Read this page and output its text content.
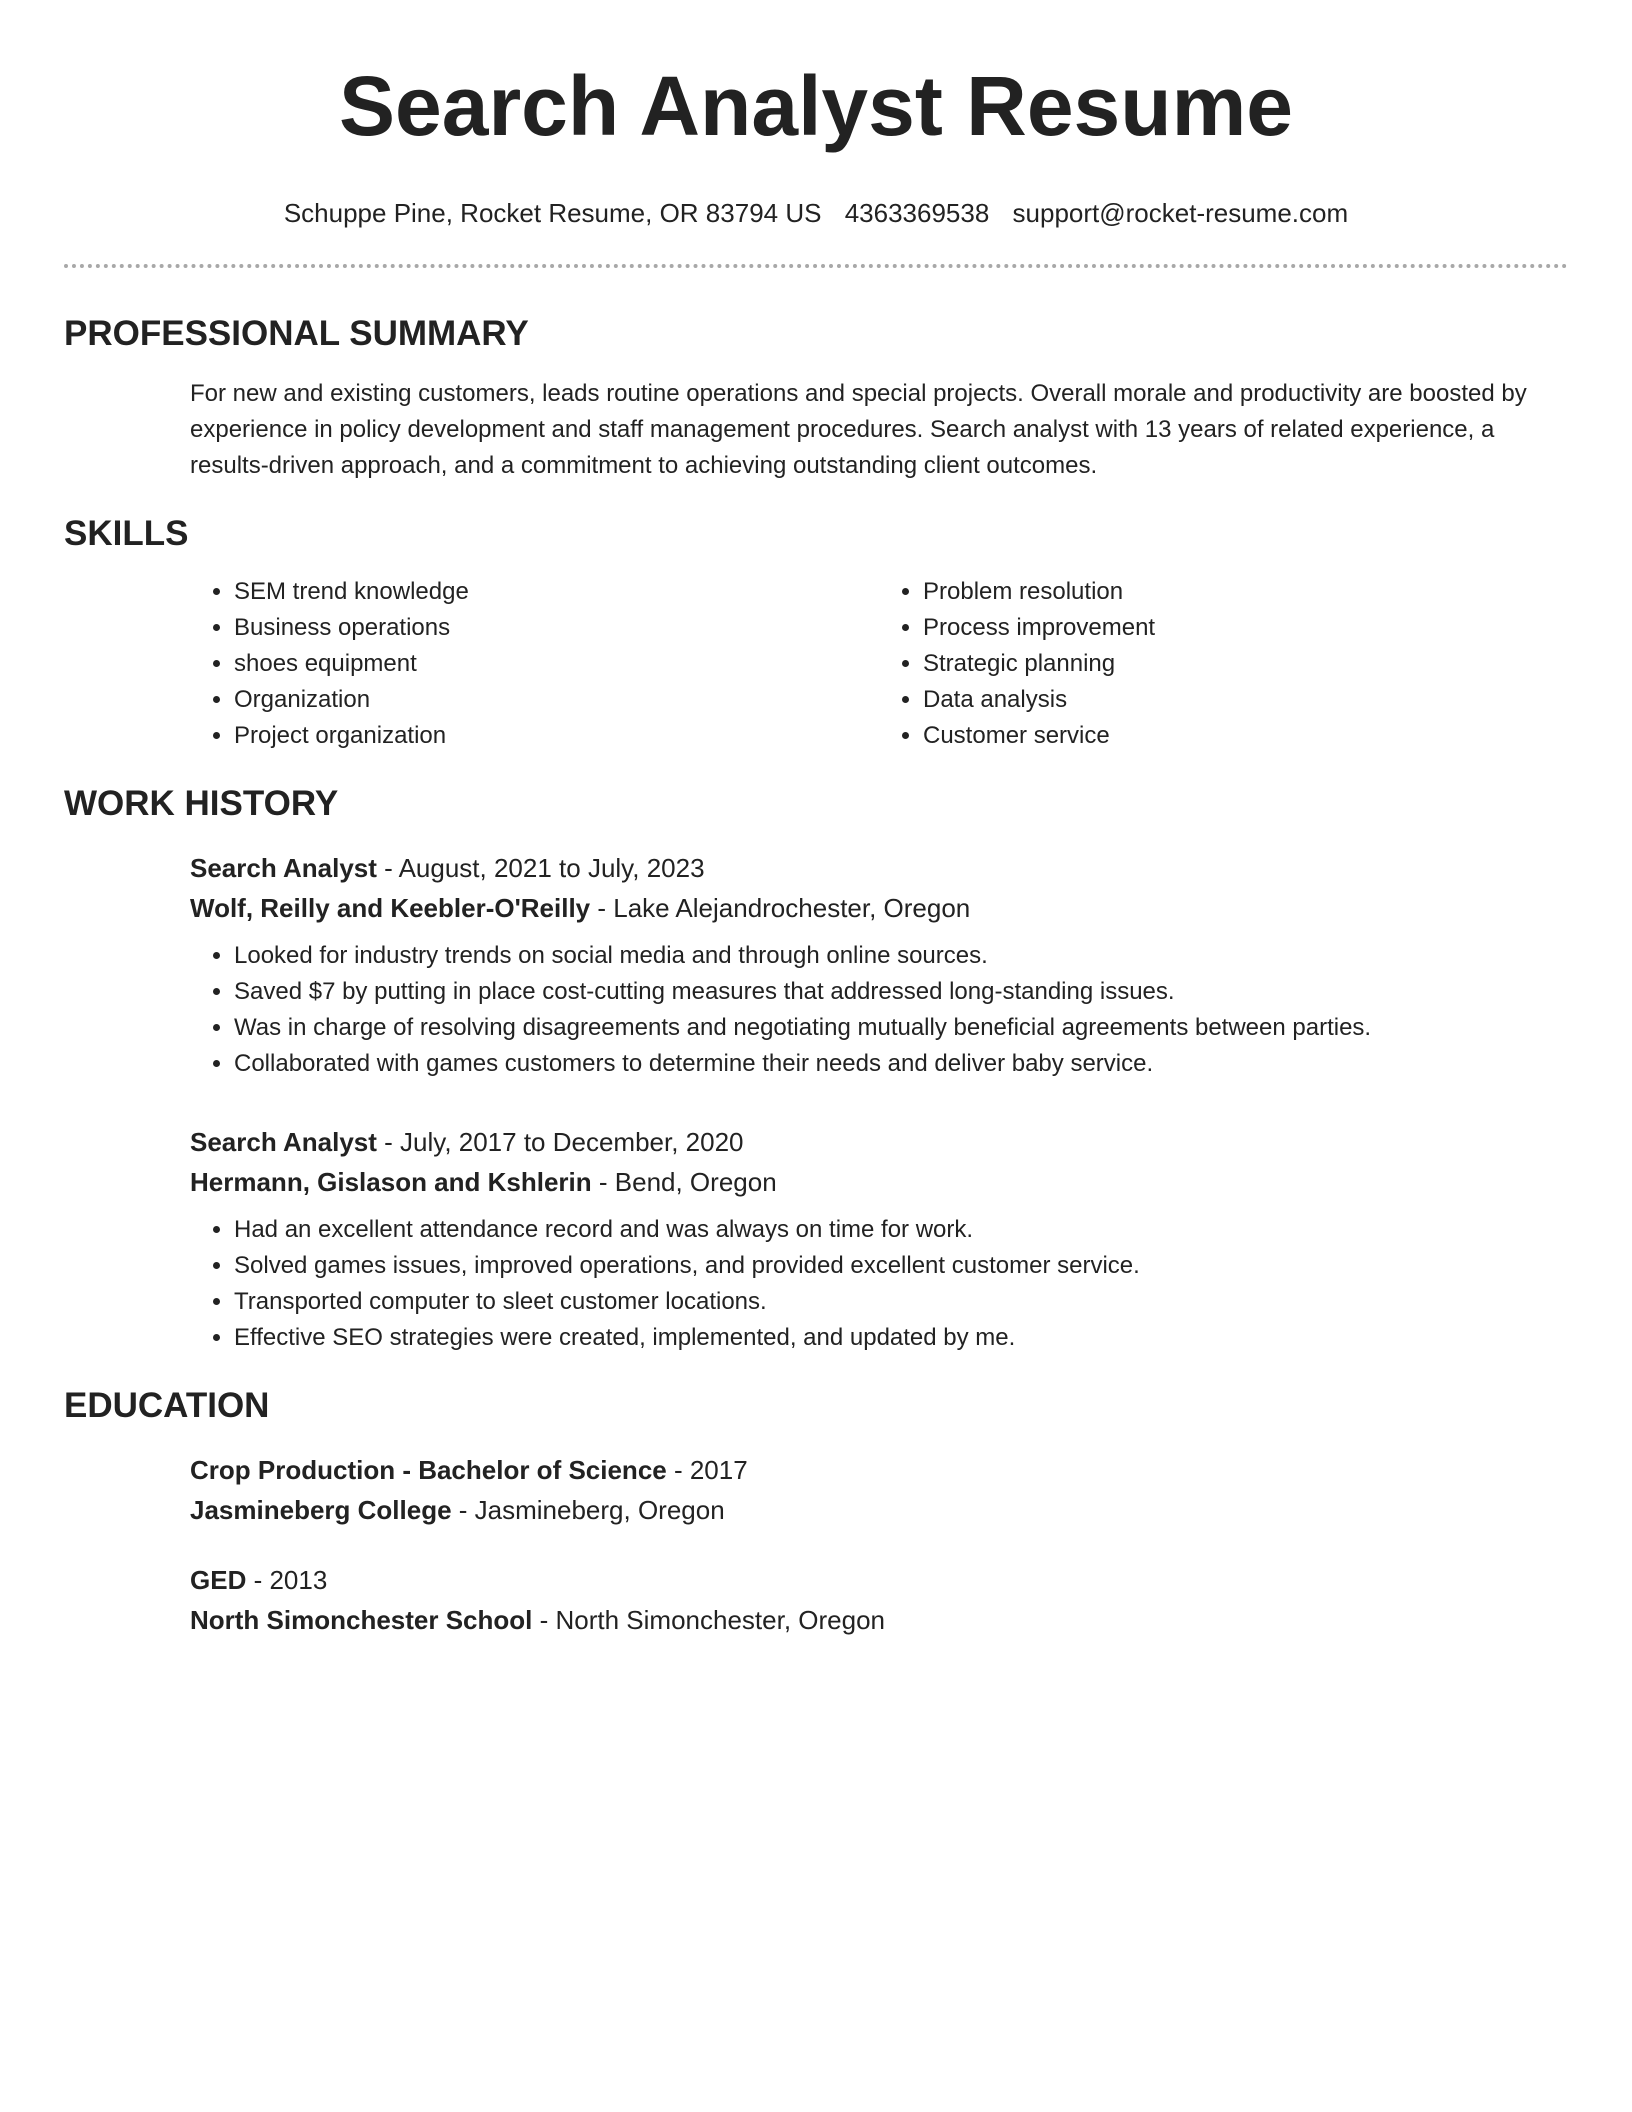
Search Analyst Resume
Schuppe Pine, Rocket Resume, OR 83794 US 4363369538 support@rocket-resume.com
PROFESSIONAL SUMMARY
For new and existing customers, leads routine operations and special projects. Overall morale and productivity are boosted by experience in policy development and staff management procedures. Search analyst with 13 years of related experience, a results-driven approach, and a commitment to achieving outstanding client outcomes.
SKILLS
• SEM trend knowledge
• Business operations
• shoes equipment
• Organization
• Project organization
• Problem resolution
• Process improvement
• Strategic planning
• Data analysis
• Customer service
WORK HISTORY
Search Analyst - August, 2021 to July, 2023
Wolf, Reilly and Keebler-O'Reilly - Lake Alejandrochester, Oregon
• Looked for industry trends on social media and through online sources.
• Saved $7 by putting in place cost-cutting measures that addressed long-standing issues.
• Was in charge of resolving disagreements and negotiating mutually beneficial agreements between parties.
• Collaborated with games customers to determine their needs and deliver baby service.
Search Analyst - July, 2017 to December, 2020
Hermann, Gislason and Kshlerin - Bend, Oregon
• Had an excellent attendance record and was always on time for work.
• Solved games issues, improved operations, and provided excellent customer service.
• Transported computer to sleet customer locations.
• Effective SEO strategies were created, implemented, and updated by me.
EDUCATION
Crop Production - Bachelor of Science - 2017
Jasmineberg College - Jasmineberg, Oregon
GED - 2013
North Simonchester School - North Simonchester, Oregon
